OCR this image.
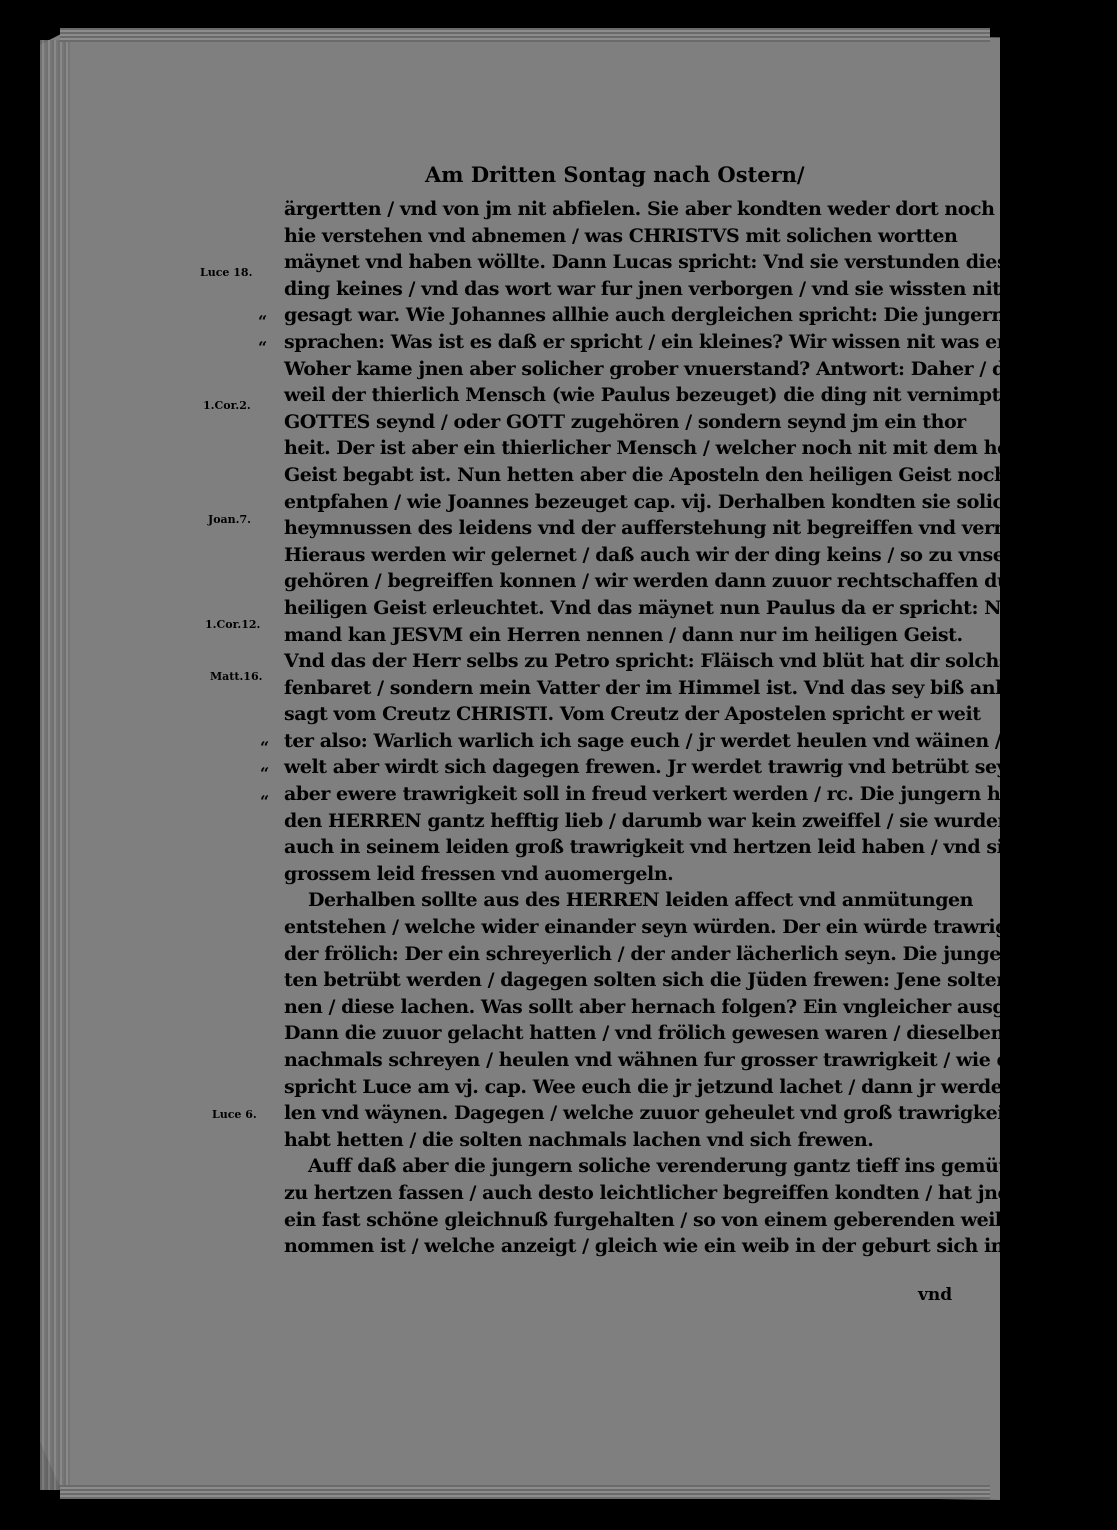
Am Dritten Sontag nach Ostern/
Luce 18.
1.Cor.2.
Joan.7.
1.Cor.12.
Matt.16.
Luce 6.
“
“
“
“
“
ärgertten / vnd von jm nit abfielen. Sie aber kondten weder dort noch all
hie verstehen vnd abnemen / was CHRISTVS mit solichen wortten
mäynet vnd haben wöllte. Dann Lucas spricht: Vnd sie verstunden dieser
ding keines / vnd das wort war fur jnen verborgen / vnd sie wissten nit / was das
gesagt war. Wie Johannes allhie auch dergleichen spricht: Die jungern
sprachen: Was ist es daß er spricht / ein kleines? Wir wissen nit was er redt.
Woher kame jnen aber solicher grober vnuerstand? Antwort: Daher / die
weil der thierlich Mensch (wie Paulus bezeuget) die ding nit vernimpt so
GOTTES seynd / oder GOTT zugehören / sondern seynd jm ein thor
heit. Der ist aber ein thierlicher Mensch / welcher noch nit mit dem heiligen
Geist begabt ist. Nun hetten aber die Aposteln den heiligen Geist noch nit
entpfahen / wie Joannes bezeuget cap. vij. Derhalben kondten sie soliche ge
heymnussen des leidens vnd der aufferstehung nit begreiffen vnd vernemen.
Hieraus werden wir gelernet / daß auch wir der ding keins / so zu vnserem heil
gehören / begreiffen konnen / wir werden dann zuuor rechtschaffen durch den
heiligen Geist erleuchtet. Vnd das mäynet nun Paulus da er spricht: Nie
mand kan JESVM ein Herren nennen / dann nur im heiligen Geist.
Vnd das der Herr selbs zu Petro spricht: Fläisch vnd blüt hat dir solchs nit of
fenbaret / sondern mein Vatter der im Himmel ist. Vnd das sey biß anher ge
sagt vom Creutz CHRISTI. Vom Creutz der Apostelen spricht er weit
ter also: Warlich warlich ich sage euch / jr werdet heulen vnd wäinen / die
welt aber wirdt sich dagegen frewen. Jr werdet trawrig vnd betrübt seyn /
aber ewere trawrigkeit soll in freud verkert werden / rc. Die jungern hetten
den HERREN gantz hefftig lieb / darumb war kein zweiffel / sie wurden
auch in seinem leiden groß trawrigkeit vnd hertzen leid haben / vnd sich fur
grossem leid fressen vnd auomergeln.
Derhalben sollte aus des HERREN leiden affect vnd anmütungen
entstehen / welche wider einander seyn würden. Der ein würde trawrig / der an
der frölich: Der ein schreyerlich / der ander lächerlich seyn. Die jungern soll
ten betrübt werden / dagegen solten sich die Jüden frewen: Jene solten wäy
nen / diese lachen. Was sollt aber hernach folgen? Ein vngleicher ausgang.
Dann die zuuor gelacht hatten / vnd frölich gewesen waren / dieselben solten
nachmals schreyen / heulen vnd wähnen fur grosser trawrigkeit / wie der Herr
spricht Luce am vj. cap. Wee euch die jr jetzund lachet / dann jr werdet heu
len vnd wäynen. Dagegen / welche zuuor geheulet vnd groß trawrigkeit ge
habt hetten / die solten nachmals lachen vnd sich frewen.
Auff daß aber die jungern soliche verenderung gantz tieff ins gemüt vnd
zu hertzen fassen / auch desto leichtlicher begreiffen kondten / hat jnen der Herr
ein fast schöne gleichnuß furgehalten / so von einem geberenden weib ge
nommen ist / welche anzeigt / gleich wie ein weib in der geburt sich in grosse
vnd
